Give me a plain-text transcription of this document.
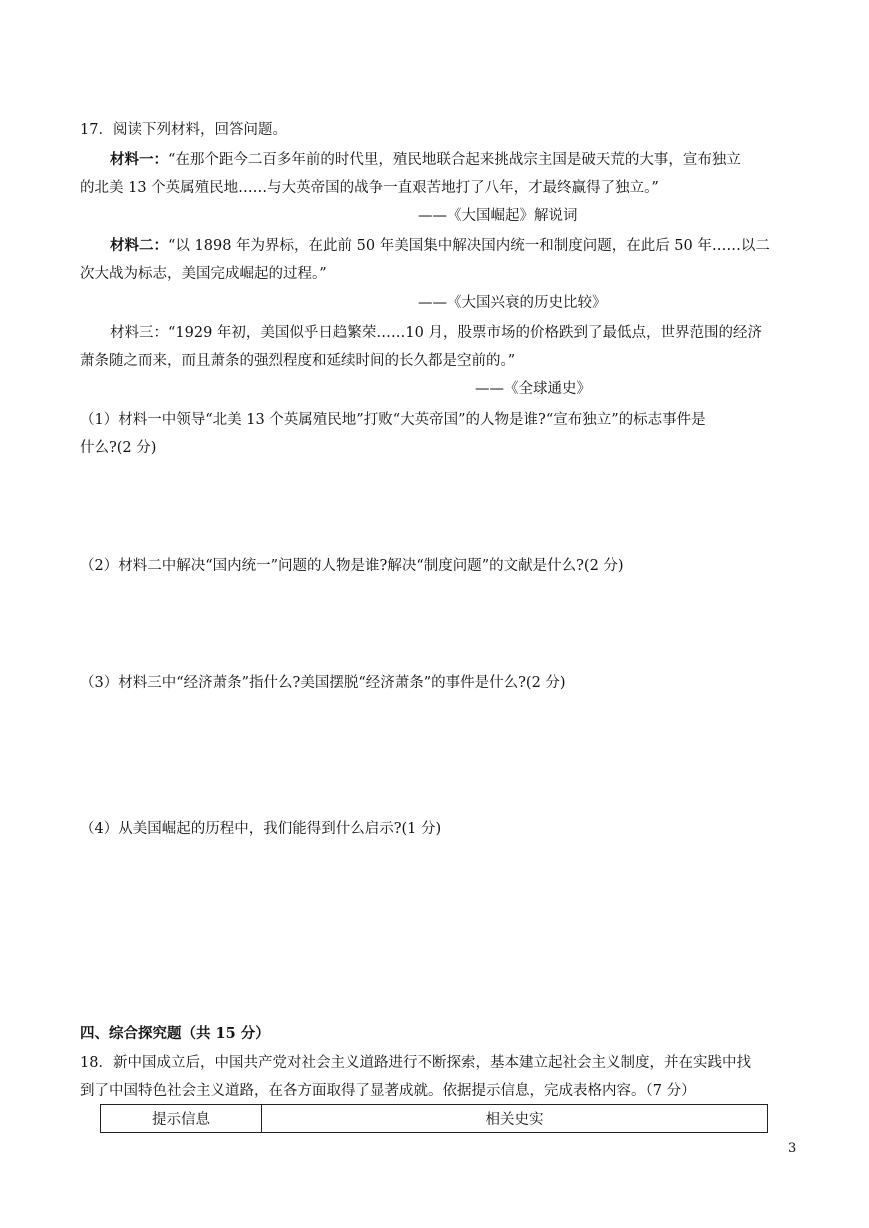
17．阅读下列材料，回答问题。
材料一：“在那个距今二百多年前的时代里，殖民地联合起来挑战宗主国是破天荒的大事，宣布独立
的北美 13 个英属殖民地……与大英帝国的战争一直艰苦地打了八年，才最终赢得了独立。”
——《大国崛起》解说词
材料二：“以 1898 年为界标，在此前 50 年美国集中解决国内统一和制度问题，在此后 50 年……以二
次大战为标志，美国完成崛起的过程。”
——《大国兴衰的历史比较》
材料三：“1929 年初，美国似乎日趋繁荣……10 月，股票市场的价格跌到了最低点，世界范围的经济
萧条随之而来，而且萧条的强烈程度和延续时间的长久都是空前的。”
——《全球通史》
（1）材料一中领导“北美 13 个英属殖民地”打败“大英帝国”的人物是谁?“宣布独立”的标志事件是
什么?(2 分)
（2）材料二中解决“国内统一”问题的人物是谁?解决“制度问题”的文献是什么?(2 分)
（3）材料三中“经济萧条”指什么?美国摆脱“经济萧条”的事件是什么?(2 分)
（4）从美国崛起的历程中，我们能得到什么启示?(1 分)
四、综合探究题（共 15 分）
18．新中国成立后，中国共产党对社会主义道路进行不断探索，基本建立起社会主义制度，并在实践中找
到了中国特色社会主义道路，在各方面取得了显著成就。依据提示信息，完成表格内容。（7 分）
提示信息	相关史实
3
